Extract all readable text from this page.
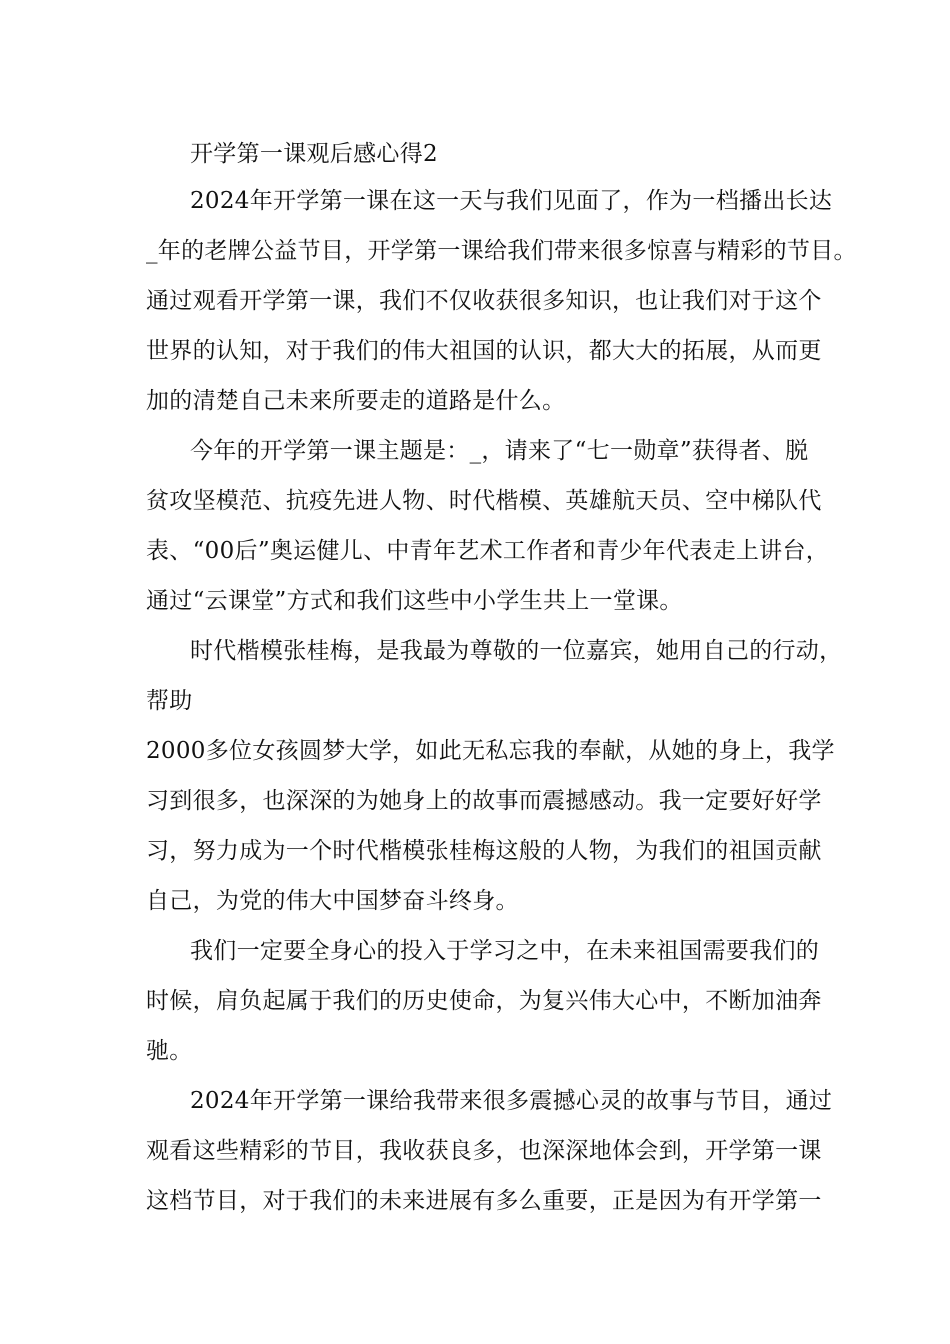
开学第一课观后感心得2
2024年开学第一课在这一天与我们见面了，作为一档播出长达
_年的老牌公益节目，开学第一课给我们带来很多惊喜与精彩的节目。
通过观看开学第一课，我们不仅收获很多知识，也让我们对于这个
世界的认知，对于我们的伟大祖国的认识，都大大的拓展，从而更
加的清楚自己未来所要走的道路是什么。
今年的开学第一课主题是：_，请来了“七一勋章”获得者、脱
贫攻坚模范、抗疫先进人物、时代楷模、英雄航天员、空中梯队代
表、“00后”奥运健儿、中青年艺术工作者和青少年代表走上讲台，
通过“云课堂”方式和我们这些中小学生共上一堂课。
时代楷模张桂梅，是我最为尊敬的一位嘉宾，她用自己的行动，
帮助
2000多位女孩圆梦大学，如此无私忘我的奉献，从她的身上，我学
习到很多，也深深的为她身上的故事而震撼感动。我一定要好好学
习，努力成为一个时代楷模张桂梅这般的人物，为我们的祖国贡献
自己，为党的伟大中国梦奋斗终身。
我们一定要全身心的投入于学习之中，在未来祖国需要我们的
时候，肩负起属于我们的历史使命，为复兴伟大心中，不断加油奔
驰。
2024年开学第一课给我带来很多震撼心灵的故事与节目，通过
观看这些精彩的节目，我收获良多，也深深地体会到，开学第一课
这档节目，对于我们的未来进展有多么重要，正是因为有开学第一
